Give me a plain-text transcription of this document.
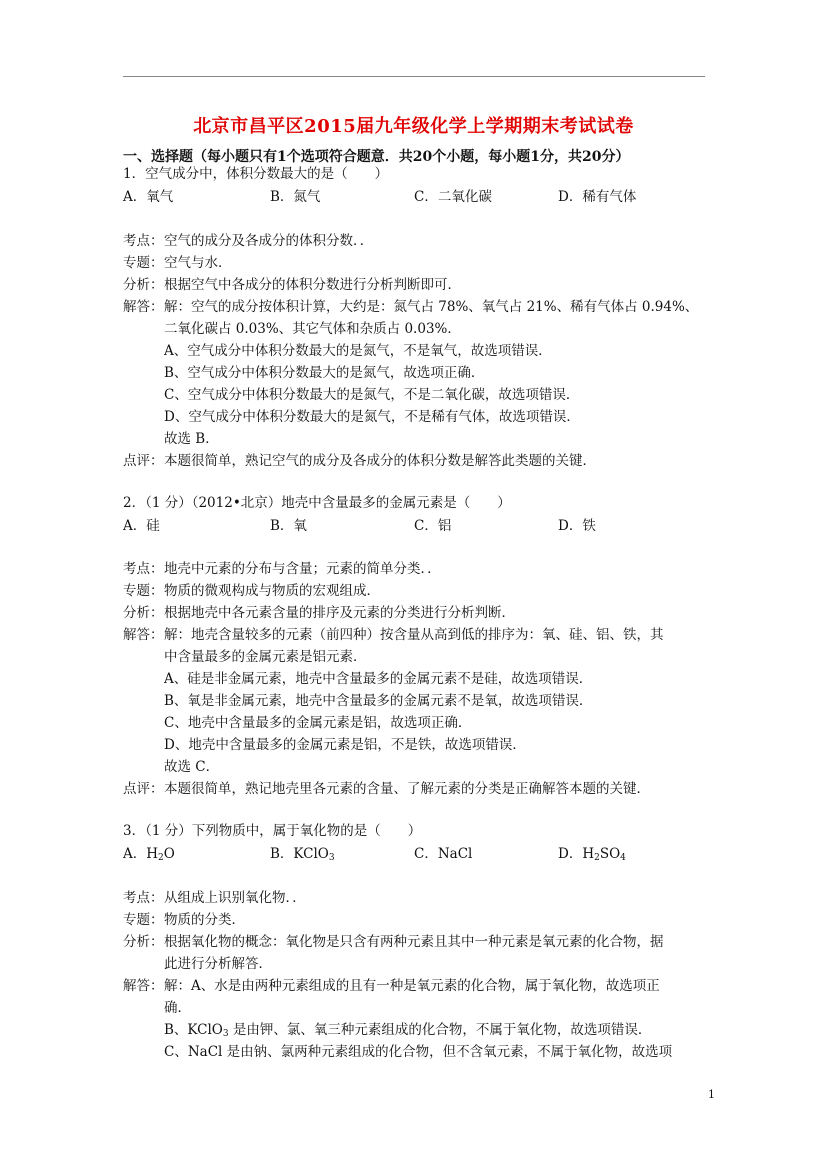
北京市昌平区2015届九年级化学上学期期末考试试卷
一、选择题（每小题只有1个选项符合题意．共20个小题，每小题1分，共20分）
1．空气成分中，体积分数最大的是（　　）
A．氧气	B．氮气	C．二氧化碳	D．稀有气体
考点： 空气的成分及各成分的体积分数．．
专题： 空气与水．
分析： 根据空气中各成分的体积分数进行分析判断即可．
解答： 解：空气的成分按体积计算，大约是：氮气占 78%、氧气占 21%、稀有气体占 0.94%、
二氧化碳占 0.03%、其它气体和杂质占 0.03%．
A、空气成分中体积分数最大的是氮气，不是氧气，故选项错误．
B、空气成分中体积分数最大的是氮气，故选项正确．
C、空气成分中体积分数最大的是氮气，不是二氧化碳，故选项错误．
D、空气成分中体积分数最大的是氮气，不是稀有气体，故选项错误．
故选 B．
点评： 本题很简单，熟记空气的成分及各成分的体积分数是解答此类题的关键．
2．（1 分）（2012•北京）地壳中含量最多的金属元素是（　　）
A．硅	B．氧	C．铝	D．铁
考点： 地壳中元素的分布与含量；元素的简单分类．．
专题： 物质的微观构成与物质的宏观组成．
分析： 根据地壳中各元素含量的排序及元素的分类进行分析判断．
解答： 解：地壳含量较多的元素（前四种）按含量从高到低的排序为：氧、硅、铝、铁，其
中含量最多的金属元素是铝元素．
A、硅是非金属元素，地壳中含量最多的金属元素不是硅，故选项错误．
B、氧是非金属元素，地壳中含量最多的金属元素不是氧，故选项错误．
C、地壳中含量最多的金属元素是铝，故选项正确．
D、地壳中含量最多的金属元素是铝，不是铁，故选项错误．
故选 C．
点评： 本题很简单，熟记地壳里各元素的含量、了解元素的分类是正确解答本题的关键．
3．（1 分）下列物质中，属于氧化物的是（　　）
A．$H_2O$	B．KClO$_3$	C．NaCl	D．$H_2SO_4$
考点： 从组成上识别氧化物．．
专题： 物质的分类．
分析： 根据氧化物的概念：氧化物是只含有两种元素且其中一种元素是氧元素的化合物，据
此进行分析解答．
解答： 解：A、水是由两种元素组成的且有一种是氧元素的化合物，属于氧化物，故选项正
确．
B、KClO$_3$ 是由钾、氯、氧三种元素组成的化合物，不属于氧化物，故选项错误．
C、NaCl 是由钠、氯两种元素组成的化合物，但不含氧元素，不属于氧化物，故选项
1
